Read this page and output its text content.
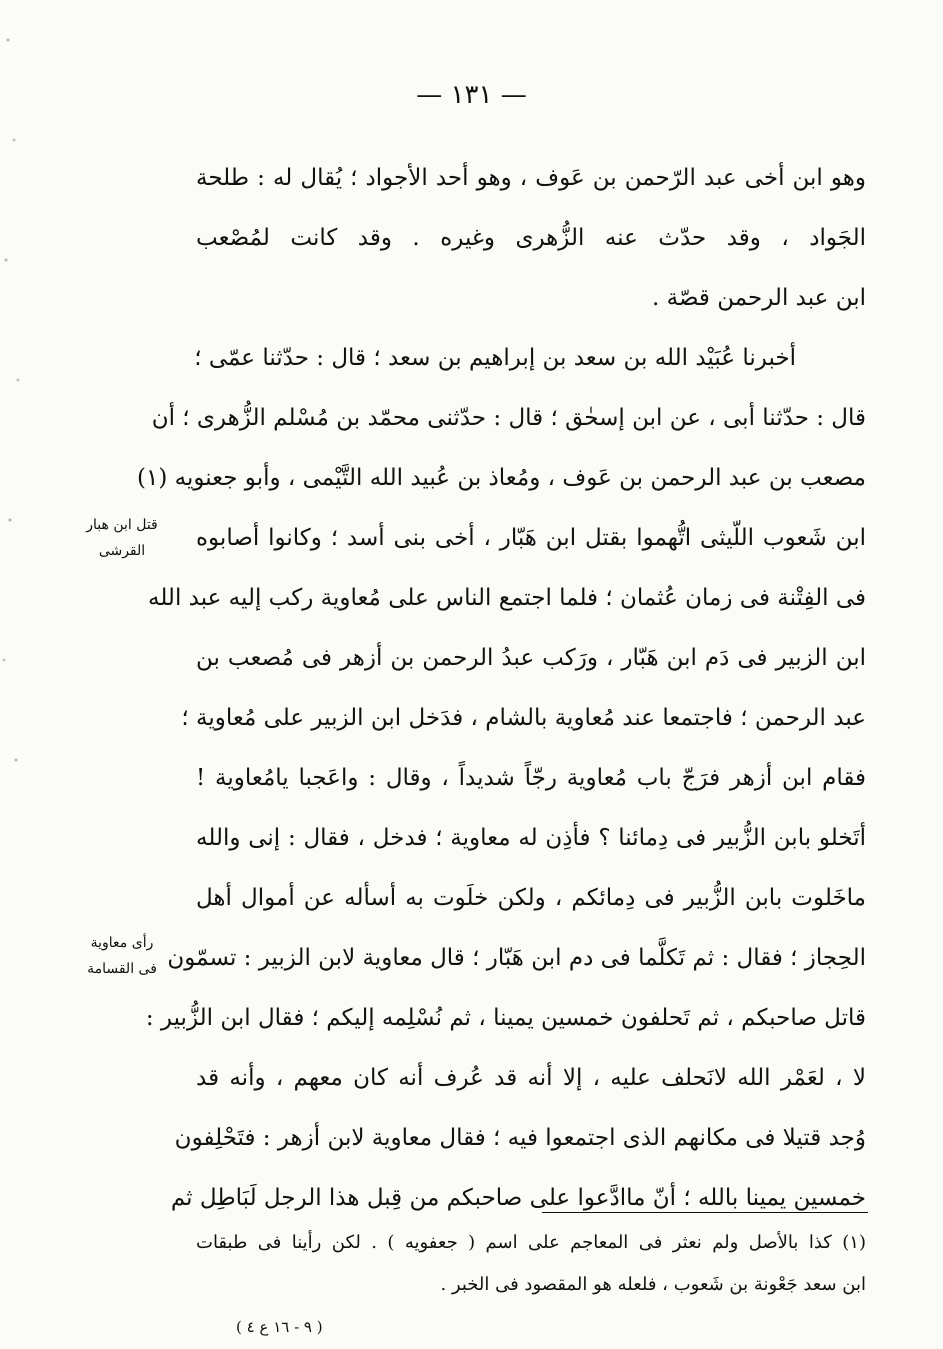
— ١٣١ —
وهو ابن أخى عبد الرّحمن بن عَوف ، وهو أحد الأجواد ؛ يُقال له : طلحة
الجَواد ، وقد حدّث عنه الزُّهرى وغيره . وقد كانت لمُصْعب
ابن عبد الرحمن قصّة .
أخبرنا عُبَيْد الله بن سعد بن إبراهيم بن سعد ؛ قال : حدّثنا عمّى ؛
قال : حدّثنا أبى ، عن ابن إسحٰق ؛ قال : حدّثنى محمّد بن مُسْلم الزُّهرى ؛ أن
مصعب بن عبد الرحمن بن عَوف ، ومُعاذ بن عُبيد الله التَّيْمى ، وأبو جعنويه (١)
ابن شَعوب اللّيثى اتُّهموا بقتل ابن هَبّار ، أخى بنى أسد ؛ وكانوا أصابوه
فى الفِتْنة فى زمان عُثمان ؛ فلما اجتمع الناس على مُعاوية ركب إليه عبد الله
ابن الزبير فى دَم ابن هَبّار ، ورَكب عبدُ الرحمن بن أزهر فى مُصعب بن
عبد الرحمن ؛ فاجتمعا عند مُعاوية بالشام ، فدَخل ابن الزبير على مُعاوية ؛
فقام ابن أزهر فرَجّ باب مُعاوية رجّاً شديداً ، وقال : واعَجبا يامُعاوية !
أتَخلو بابن الزُّبير فى دِمائنا ؟ فأذِن له معاوية ؛ فدخل ، فقال : إنى والله
ماخَلوت بابن الزُّبير فى دِمائكم ، ولكن خلَوت به أسأله عن أموال أهل
الحِجاز ؛ فقال : ثم تَكلَّما فى دم ابن هَبّار ؛ قال معاوية لابن الزبير : تسمّون
قاتل صاحبكم ، ثم تَحلفون خمسين يمينا ، ثم نُسْلِمه إليكم ؛ فقال ابن الزُّبير :
لا ، لعَمْر الله لانَحلف عليه ، إلا أنه قد عُرف أنه كان معهم ، وأنه قد
وُجد قتيلا فى مكانهم الذى اجتمعوا فيه ؛ فقال معاوية لابن أزهر : فتَحْلِفون
خمسين يمينا بالله ؛ أنّ ماادَّعوا على صاحبكم من قِبل هذا الرجل لَبَاطِل ثم
قتل ابن هبار
القرشى
رأى معاوية
فى القسامة
(١) كذا بالأصل ولم نعثر فى المعاجم على اسم ( جعفويه ) . لكن رأينا فى طبقات
ابن سعد جَعْونة بن شَعوب ، فلعله هو المقصود فى الخبر .
( ٩ - ١٦ ع ٤ )
